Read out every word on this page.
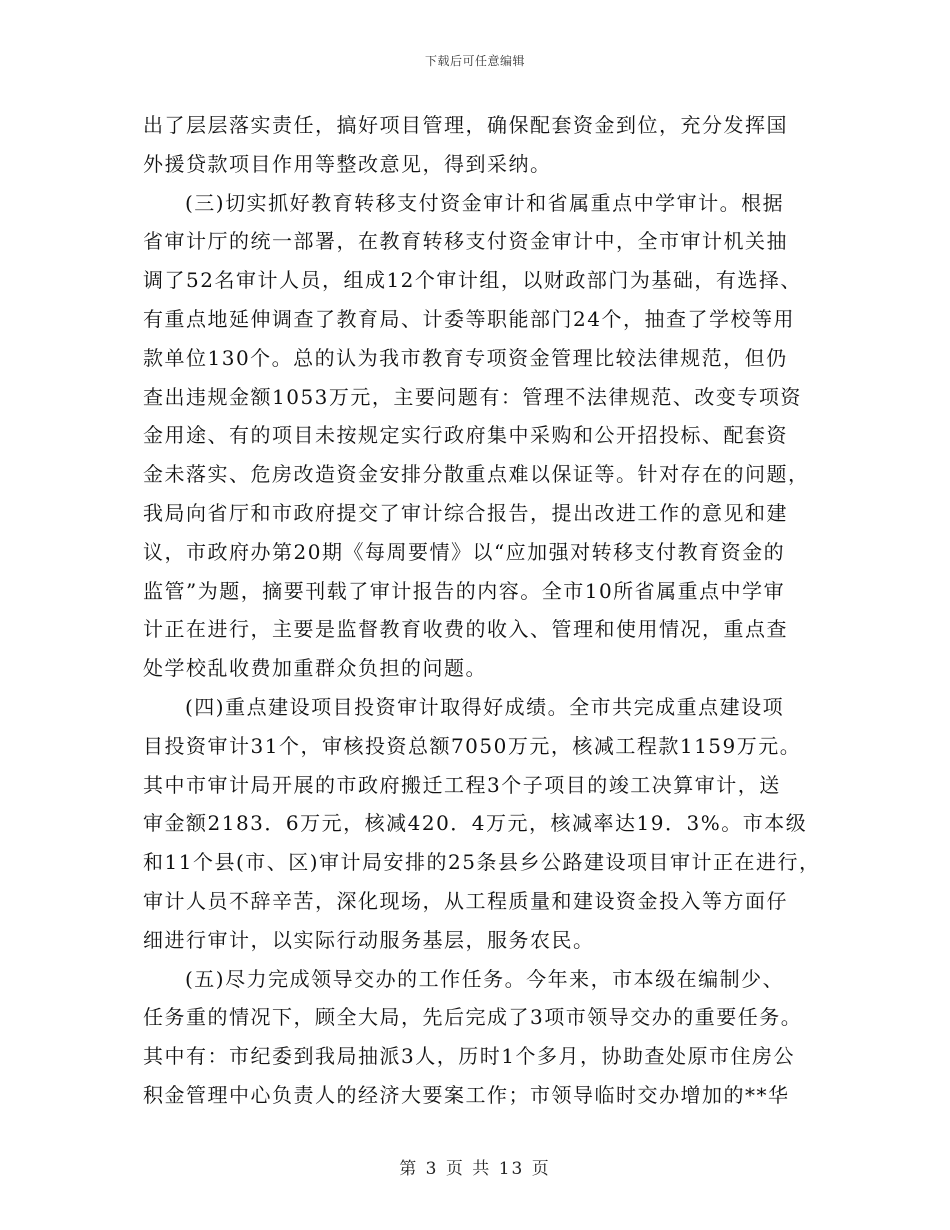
下载后可任意编辑
出了层层落实责任，搞好项目管理，确保配套资金到位，充分发挥国
外援贷款项目作用等整改意见，得到采纳。
(三)切实抓好教育转移支付资金审计和省属重点中学审计。根据
省审计厅的统一部署，在教育转移支付资金审计中，全市审计机关抽
调了52名审计人员，组成12个审计组，以财政部门为基础，有选择、
有重点地延伸调查了教育局、计委等职能部门24个，抽查了学校等用
款单位130个。总的认为我市教育专项资金管理比较法律规范，但仍
查出违规金额1053万元，主要问题有：管理不法律规范、改变专项资
金用途、有的项目未按规定实行政府集中采购和公开招投标、配套资
金未落实、危房改造资金安排分散重点难以保证等。针对存在的问题，
我局向省厅和市政府提交了审计综合报告，提出改进工作的意见和建
议，市政府办第20期《每周要情》以“应加强对转移支付教育资金的
监管”为题，摘要刊载了审计报告的内容。全市10所省属重点中学审
计正在进行，主要是监督教育收费的收入、管理和使用情况，重点查
处学校乱收费加重群众负担的问题。
(四)重点建设项目投资审计取得好成绩。全市共完成重点建设项
目投资审计31个，审核投资总额7050万元，核减工程款1159万元。
其中市审计局开展的市政府搬迁工程3个子项目的竣工决算审计，送
审金额2183．6万元，核减420．4万元，核减率达19．3%。市本级
和11个县(市、区)审计局安排的25条县乡公路建设项目审计正在进行，
审计人员不辞辛苦，深化现场，从工程质量和建设资金投入等方面仔
细进行审计，以实际行动服务基层，服务农民。
(五)尽力完成领导交办的工作任务。今年来，市本级在编制少、
任务重的情况下，顾全大局，先后完成了3项市领导交办的重要任务。
其中有：市纪委到我局抽派3人，历时1个多月，协助查处原市住房公
积金管理中心负责人的经济大要案工作；市领导临时交办增加的**华
第 3 页 共 13 页
